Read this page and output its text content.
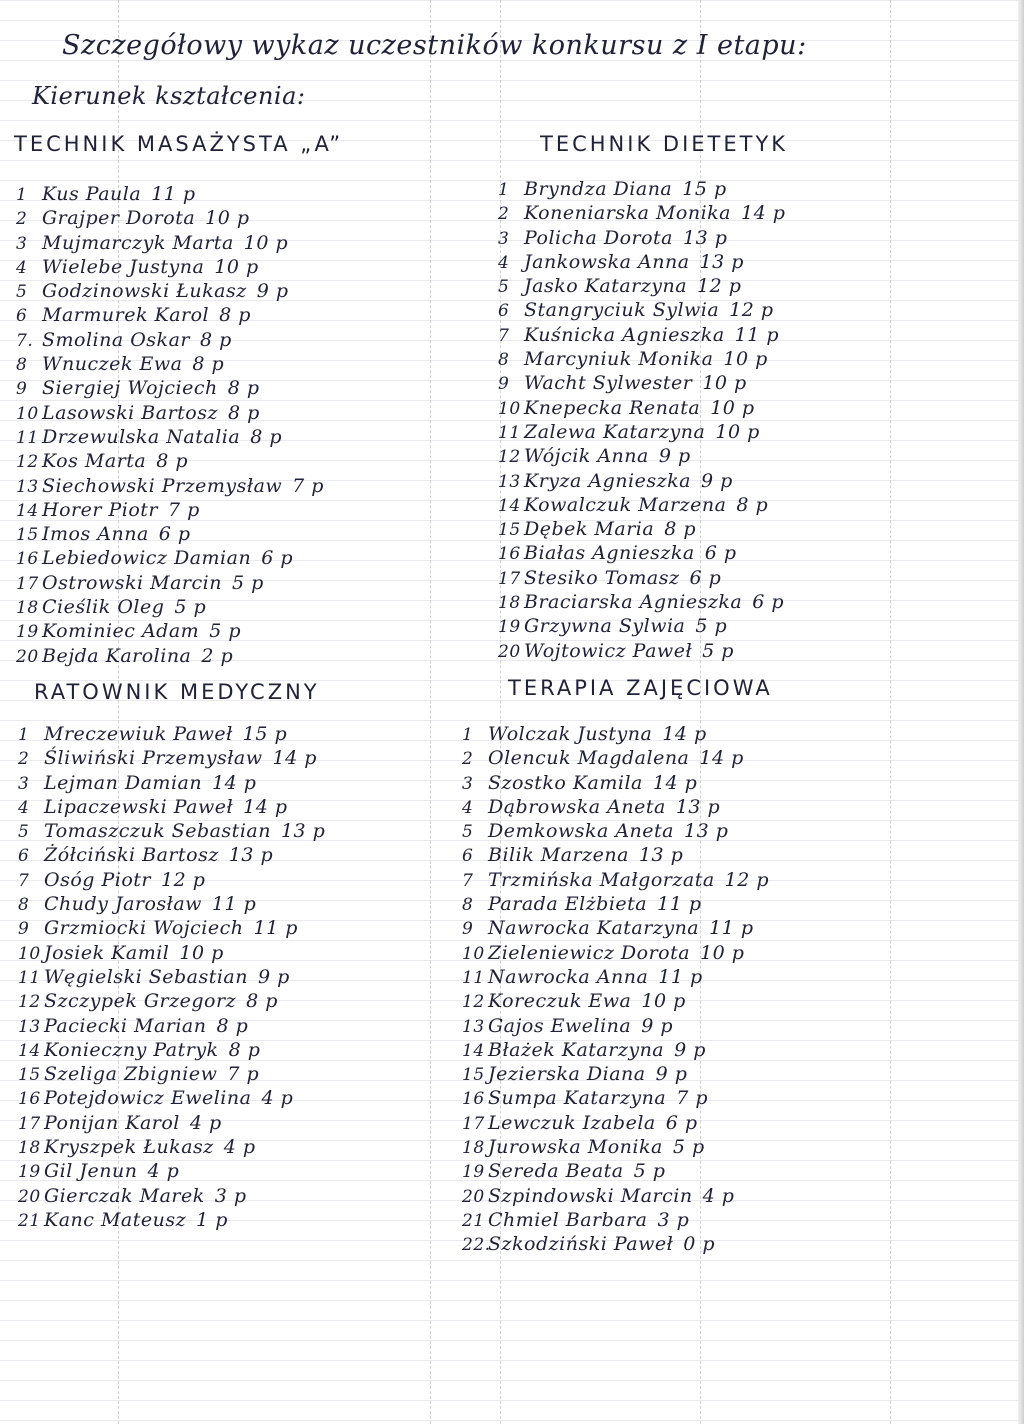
Szczegółowy wykaz uczestników konkursu z I etapu:
Kierunek kształcenia:
TECHNIK MASAŻYSTA „A”	TECHNIK DIETETYK
RATOWNIK MEDYCZNY	TERAPIA ZAJĘCIOWA
1 Kus Paula 11 p
2 Grajper Dorota 10 p
3 Mujmarczyk Marta 10 p
4 Wielebe Justyna 10 p
5 Godzinowski Łukasz 9 p
6 Marmurek Karol 8 p
7. Smolina Oskar 8 p
8 Wnuczek Ewa 8 p
9 Siergiej Wojciech 8 p
10 Lasowski Bartosz 8 p
11 Drzewulska Natalia 8 p
12 Kos Marta 8 p
13 Siechowski Przemysław 7 p
14 Horer Piotr 7 p
15 Imos Anna 6 p
16 Lebiedowicz Damian 6 p
17 Ostrowski Marcin 5 p
18 Cieślik Oleg 5 p
19 Kominiec Adam 5 p
20 Bejda Karolina 2 p
1 Bryndza Diana 15 p
2 Koneniarska Monika 14 p
3 Policha Dorota 13 p
4 Jankowska Anna 13 p
5 Jasko Katarzyna 12 p
6 Stangryciuk Sylwia 12 p
7 Kuśnicka Agnieszka 11 p
8 Marcyniuk Monika 10 p
9 Wacht Sylwester 10 p
10 Knepecka Renata 10 p
11 Zalewa Katarzyna 10 p
12 Wójcik Anna 9 p
13 Kryza Agnieszka 9 p
14 Kowalczuk Marzena 8 p
15 Dębek Maria 8 p
16 Białas Agnieszka 6 p
17 Stesiko Tomasz 6 p
18 Braciarska Agnieszka 6 p
19 Grzywna Sylwia 5 p
20 Wojtowicz Paweł 5 p
1 Mreczewiuk Paweł 15 p
2 Śliwiński Przemysław 14 p
3 Lejman Damian 14 p
4 Lipaczewski Paweł 14 p
5 Tomaszczuk Sebastian 13 p
6 Żółciński Bartosz 13 p
7 Osóg Piotr 12 p
8 Chudy Jarosław 11 p
9 Grzmiocki Wojciech 11 p
10 Josiek Kamil 10 p
11 Węgielski Sebastian 9 p
12 Szczypek Grzegorz 8 p
13 Paciecki Marian 8 p
14 Konieczny Patryk 8 p
15 Szeliga Zbigniew 7 p
16 Potejdowicz Ewelina 4 p
17 Ponijan Karol 4 p
18 Kryszpek Łukasz 4 p
19 Gil Jenun 4 p
20 Gierczak Marek 3 p
21 Kanc Mateusz 1 p
1 Wolczak Justyna 14 p
2 Olencuk Magdalena 14 p
3 Szostko Kamila 14 p
4 Dąbrowska Aneta 13 p
5 Demkowska Aneta 13 p
6 Bilik Marzena 13 p
7 Trzmińska Małgorzata 12 p
8 Parada Elżbieta 11 p
9 Nawrocka Katarzyna 11 p
10 Zieleniewicz Dorota 10 p
11 Nawrocka Anna 11 p
12 Koreczuk Ewa 10 p
13 Gajos Ewelina 9 p
14 Błażek Katarzyna 9 p
15 Jezierska Diana 9 p
16 Sumpa Katarzyna 7 p
17 Lewczuk Izabela 6 p
18 Jurowska Monika 5 p
19 Sereda Beata 5 p
20 Szpindowski Marcin 4 p
21 Chmiel Barbara 3 p
22.Szkodziński Paweł 0 p
